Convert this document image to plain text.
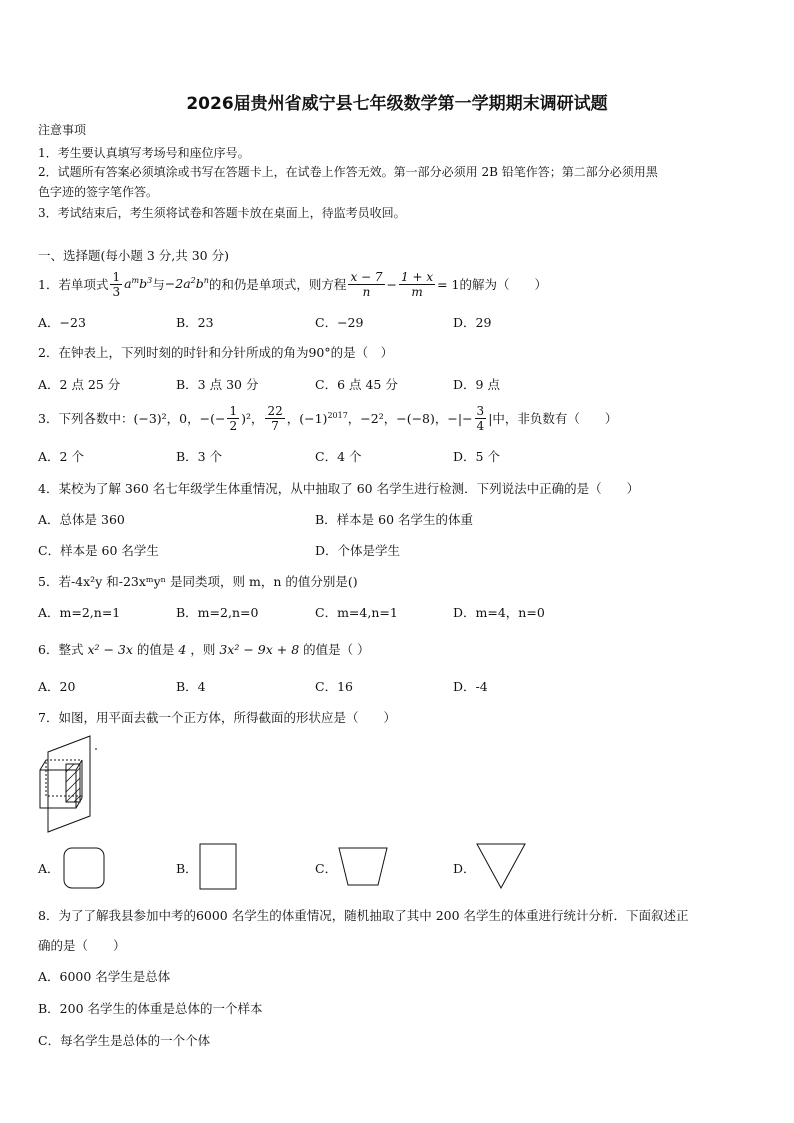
2026届贵州省威宁县七年级数学第一学期期末调研试题
注意事项
1．考生要认真填写考场号和座位序号。
2．试题所有答案必须填涂或书写在答题卡上，在试卷上作答无效。第一部分必须用 2B 铅笔作答；第二部分必须用黑
色字迹的签字笔作答。
3．考试结束后，考生须将试卷和答题卡放在桌面上，待监考员收回。
一、选择题(每小题 3 分,共 30 分)
1．若单项式 $\frac{1}{3} a^mb^3$ 与 $-2a^2b^n$ 的和仍是单项式，则方程 $\frac{x - 7}{n} - \frac{1 + x}{m} = 1$ 的解为（　　）
A．−23	B．23	C．−29	D．29
2．在钟表上，下列时刻的时针和分针所成的角为90°的是（　）
A．2 点 25 分	B．3 点 30 分	C．6 点 45 分	D．9 点
3．下列各数中： (−3)²，0，−(− $\frac{1}{2} )^2$， $\frac{22}{7}$ ，$(-1)^{2017}$ ，−2²，−(−8)，−|− $\frac{3}{4}$ |中，非负数有（　　）
A．2 个	B．3 个	C．4 个	D．5 个
4．某校为了解 360 名七年级学生体重情况，从中抽取了 60 名学生进行检测．下列说法中正确的是（　　）
A．总体是 360	B．样本是 60 名学生的体重
C．样本是 60 名学生	D．个体是学生
5．若-4x²y 和-23xᵐyⁿ 是同类项，则 m，n 的值分别是()
A．m=2,n=1	B．m=2,n=0	C．m=4,n=1	D．m=4，n=0
6．整式 x² − 3x 的值是 4 ，则 3x² − 9x + 8 的值是（ ）
A．20	B．4	C．16	D．-4
7．如图，用平面去截一个正方体，所得截面的形状应是（　　）
A．	B．	C．	D．
8．为了了解我县参加中考的6000 名学生的体重情况，随机抽取了其中 200 名学生的体重进行统计分析．下面叙述正
确的是（　　）
A．6000 名学生是总体
B．200 名学生的体重是总体的一个样本
C．每名学生是总体的一个个体
